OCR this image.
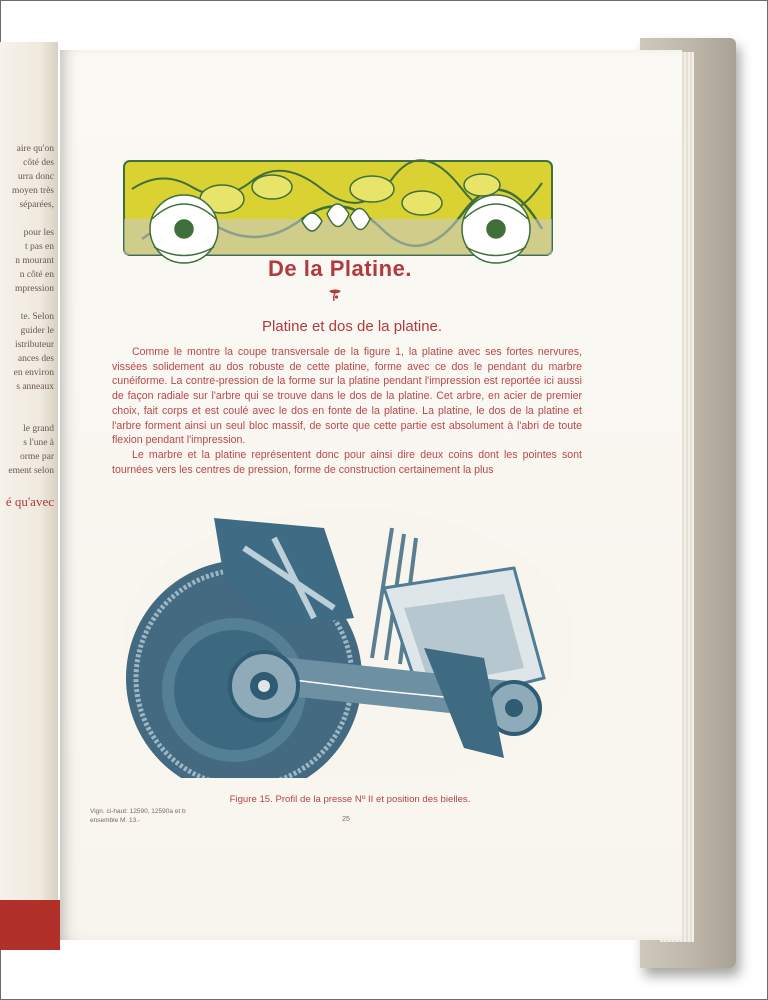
aire qu'on
côté des
urra donc
moyen très
séparées,
pour les
t pas en
n mourant
n côté en
mpression
te. Selon
guider le
istributeur
ances des
en environ
s anneaux
le grand
s l'une à
orme par
ement selon
é qu'avec
De la Platine.
Platine et dos de la platine.

Comme le montre la coupe transversale de la figure 1, la platine avec ses fortes nervures, vissées solidement au dos robuste de cette platine, forme avec ce dos le pendant du marbre cunéiforme. La contre-pression de la forme sur la platine pendant l'impression est reportée ici aussi de façon radiale sur l'arbre qui se trouve dans le dos de la platine. Cet arbre, en acier de premier choix, fait corps et est coulé avec le dos en fonte de la platine. La platine, le dos de la platine et l'arbre forment ainsi un seul bloc massif, de sorte que cette partie est absolument à l'abri de toute flexion pendant l'impression.

Le marbre et la platine représentent donc pour ainsi dire deux coins dont les pointes sont tournées vers les centres de pression, forme de construction certainement la plus

Figure 15. Profil de la presse Nº II et position des bielles.
Vign. ci-haut: 12590, 12590a et b
ensemble M. 13.-	25
